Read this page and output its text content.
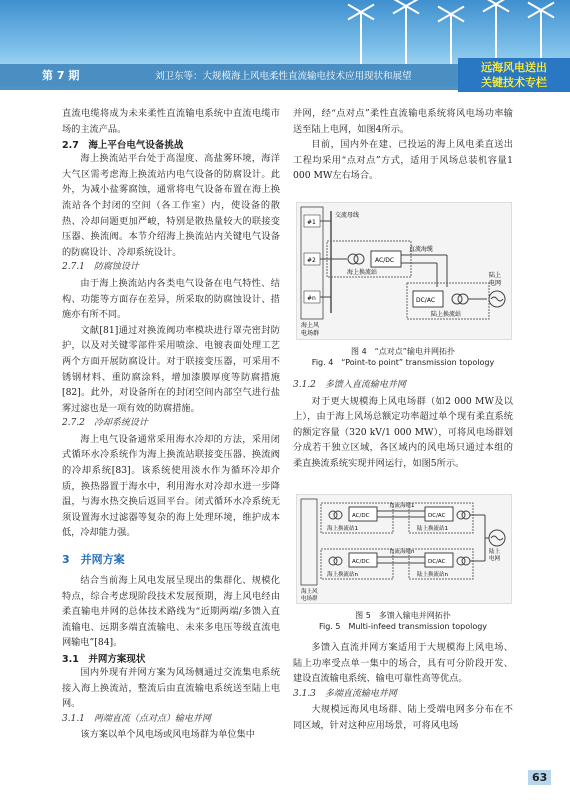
第 7 期	刘卫东等：大规模海上风电柔性直流输电技术应用现状和展望
远海风电送出
关键技术专栏

直流电缆将成为未来柔性直流输电系统中直流电缆市场的主流产品。

2.7　海上平台电气设备挑战

海上换流站平台处于高湿度、高盐雾环境，海洋大气区需考虑海上换流站内电气设备的防腐设计。此外，为减小盐雾腐蚀，通常将电气设备布置在海上换流站各个封闭的空间（各工作室）内，使设备的散热、冷却问题更加严峻，特别是散热量较大的联接变压器、换流阀。本节介绍海上换流站内关键电气设备的防腐设计、冷却系统设计。

2.7.1　防腐蚀设计

由于海上换流站内各类电气设备在电气特性、结构、功能等方面存在差异，所采取的防腐蚀设计、措施亦有所不同。

文献[81]通过对换流阀功率模块进行罩壳密封防护，以及对关键零部件采用喷涂、电镀表面处理工艺两个方面开展防腐设计。对于联接变压器，可采用不锈钢材料、重防腐涂料，增加漆膜厚度等防腐措施[82]。此外，对设备所在的封闭空间内部空气进行盐雾过滤也是一项有效的防腐措施。

2.7.2　冷却系统设计

海上电气设备通常采用海水冷却的方法，采用闭式循环水冷系统作为海上换流站联接变压器、换流阀的冷却系统[83]。该系统使用淡水作为循环冷却介质，换热器置于海水中，利用海水对冷却水进一步降温，与海水热交换后返回平台。闭式循环水冷系统无须设置海水过滤器等复杂的海上处理环境，维护成本低，冷却能力强。

3　并网方案

结合当前海上风电发展呈现出的集群化、规模化特点，综合考虑现阶段技术发展预期，海上风电经由柔直输电并网的总体技术路线为“近期两端/多馈入直流输电、远期多端直流输电、未来多电压等级直流电网输电”[84]。

3.1　并网方案现状

国内外现有并网方案为风场侧通过交流集电系统接入海上换流站，整流后由直流输电系统送至陆上电网。

3.1.1　两端直流（点对点）输电并网

该方案以单个风电场或风电场群为单位集中

并网，经“点对点”柔性直流输电系统将风电场功率输送至陆上电网，如图4所示。

目前，国内外在建、已投运的海上风电柔直送出工程均采用“点对点”方式，适用于风场总装机容量1 000 MW左右场合。

#1
#2
#n
交流母线
AC/DC
海上换流站
直流海缆
DC/AC
陆上换流站
陆上
电网
海上风
电场群
图 4　“点对点”输电并网拓扑
Fig. 4　“Point-to point” transmission topology
3.1.2　多馈入直流输电并网

对于更大规模海上风电场群（如2 000 MW及以上），由于海上风场总额定功率超过单个现有柔直系统的额定容量（320 kV/1 000 MW），可将风电场群划分成若干独立区域，各区域内的风电场只通过本组的柔直换流系统实现并网运行，如图5所示。

AC/DC
海上换流站1
直流海缆1
DC/AC
陆上换流站1
AC/DC
海上换流站n
直流海缆n
DC/AC
陆上换流站n
陆上
电网
海上风
电场群
图 5　多馈入输电并网拓扑
Fig. 5　Multi-infeed transmission topology

多馈入直流并网方案适用于大规模海上风电场、陆上功率受点单一集中的场合，具有可分阶段开发、建设直流输电系统、输电可靠性高等优点。

3.1.3　多端直流输电并网

大规模远海风电场群、陆上受端电网多分布在不同区域，针对这种应用场景，可将风电场

63
